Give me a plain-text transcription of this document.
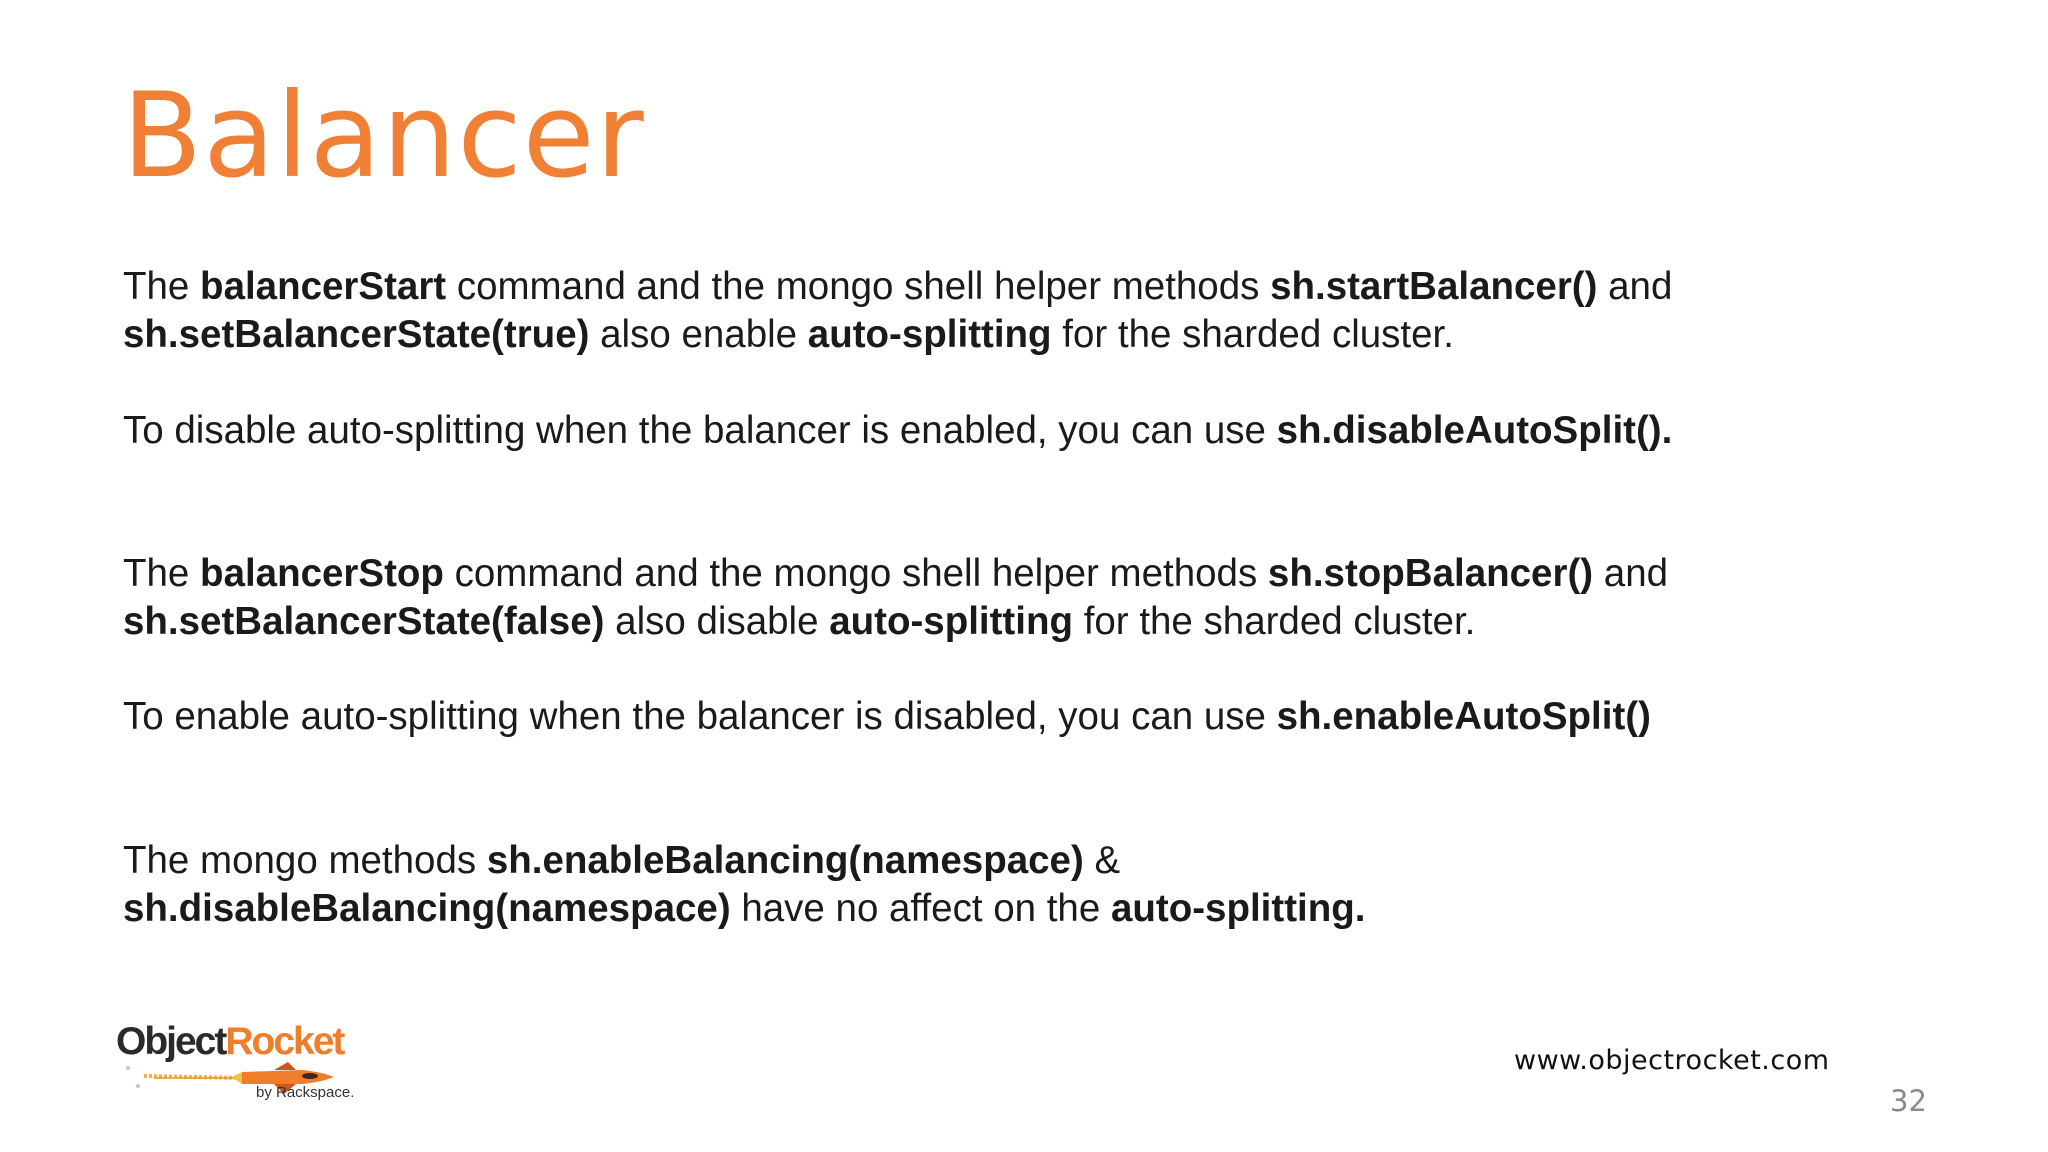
Balancer
The balancerStart command and the mongo shell helper methods sh.startBalancer() and
sh.setBalancerState(true) also enable auto-splitting for the sharded cluster.
To disable auto-splitting when the balancer is enabled, you can use sh.disableAutoSplit().
The balancerStop command and the mongo shell helper methods sh.stopBalancer() and
sh.setBalancerState(false) also disable auto-splitting for the sharded cluster.
To enable auto-splitting when the balancer is disabled, you can use sh.enableAutoSplit()
The mongo methods sh.enableBalancing(namespace) &
sh.disableBalancing(namespace) have no affect on the auto-splitting.
ObjectRocket
by Rackspace.
www.objectrocket.com
32
